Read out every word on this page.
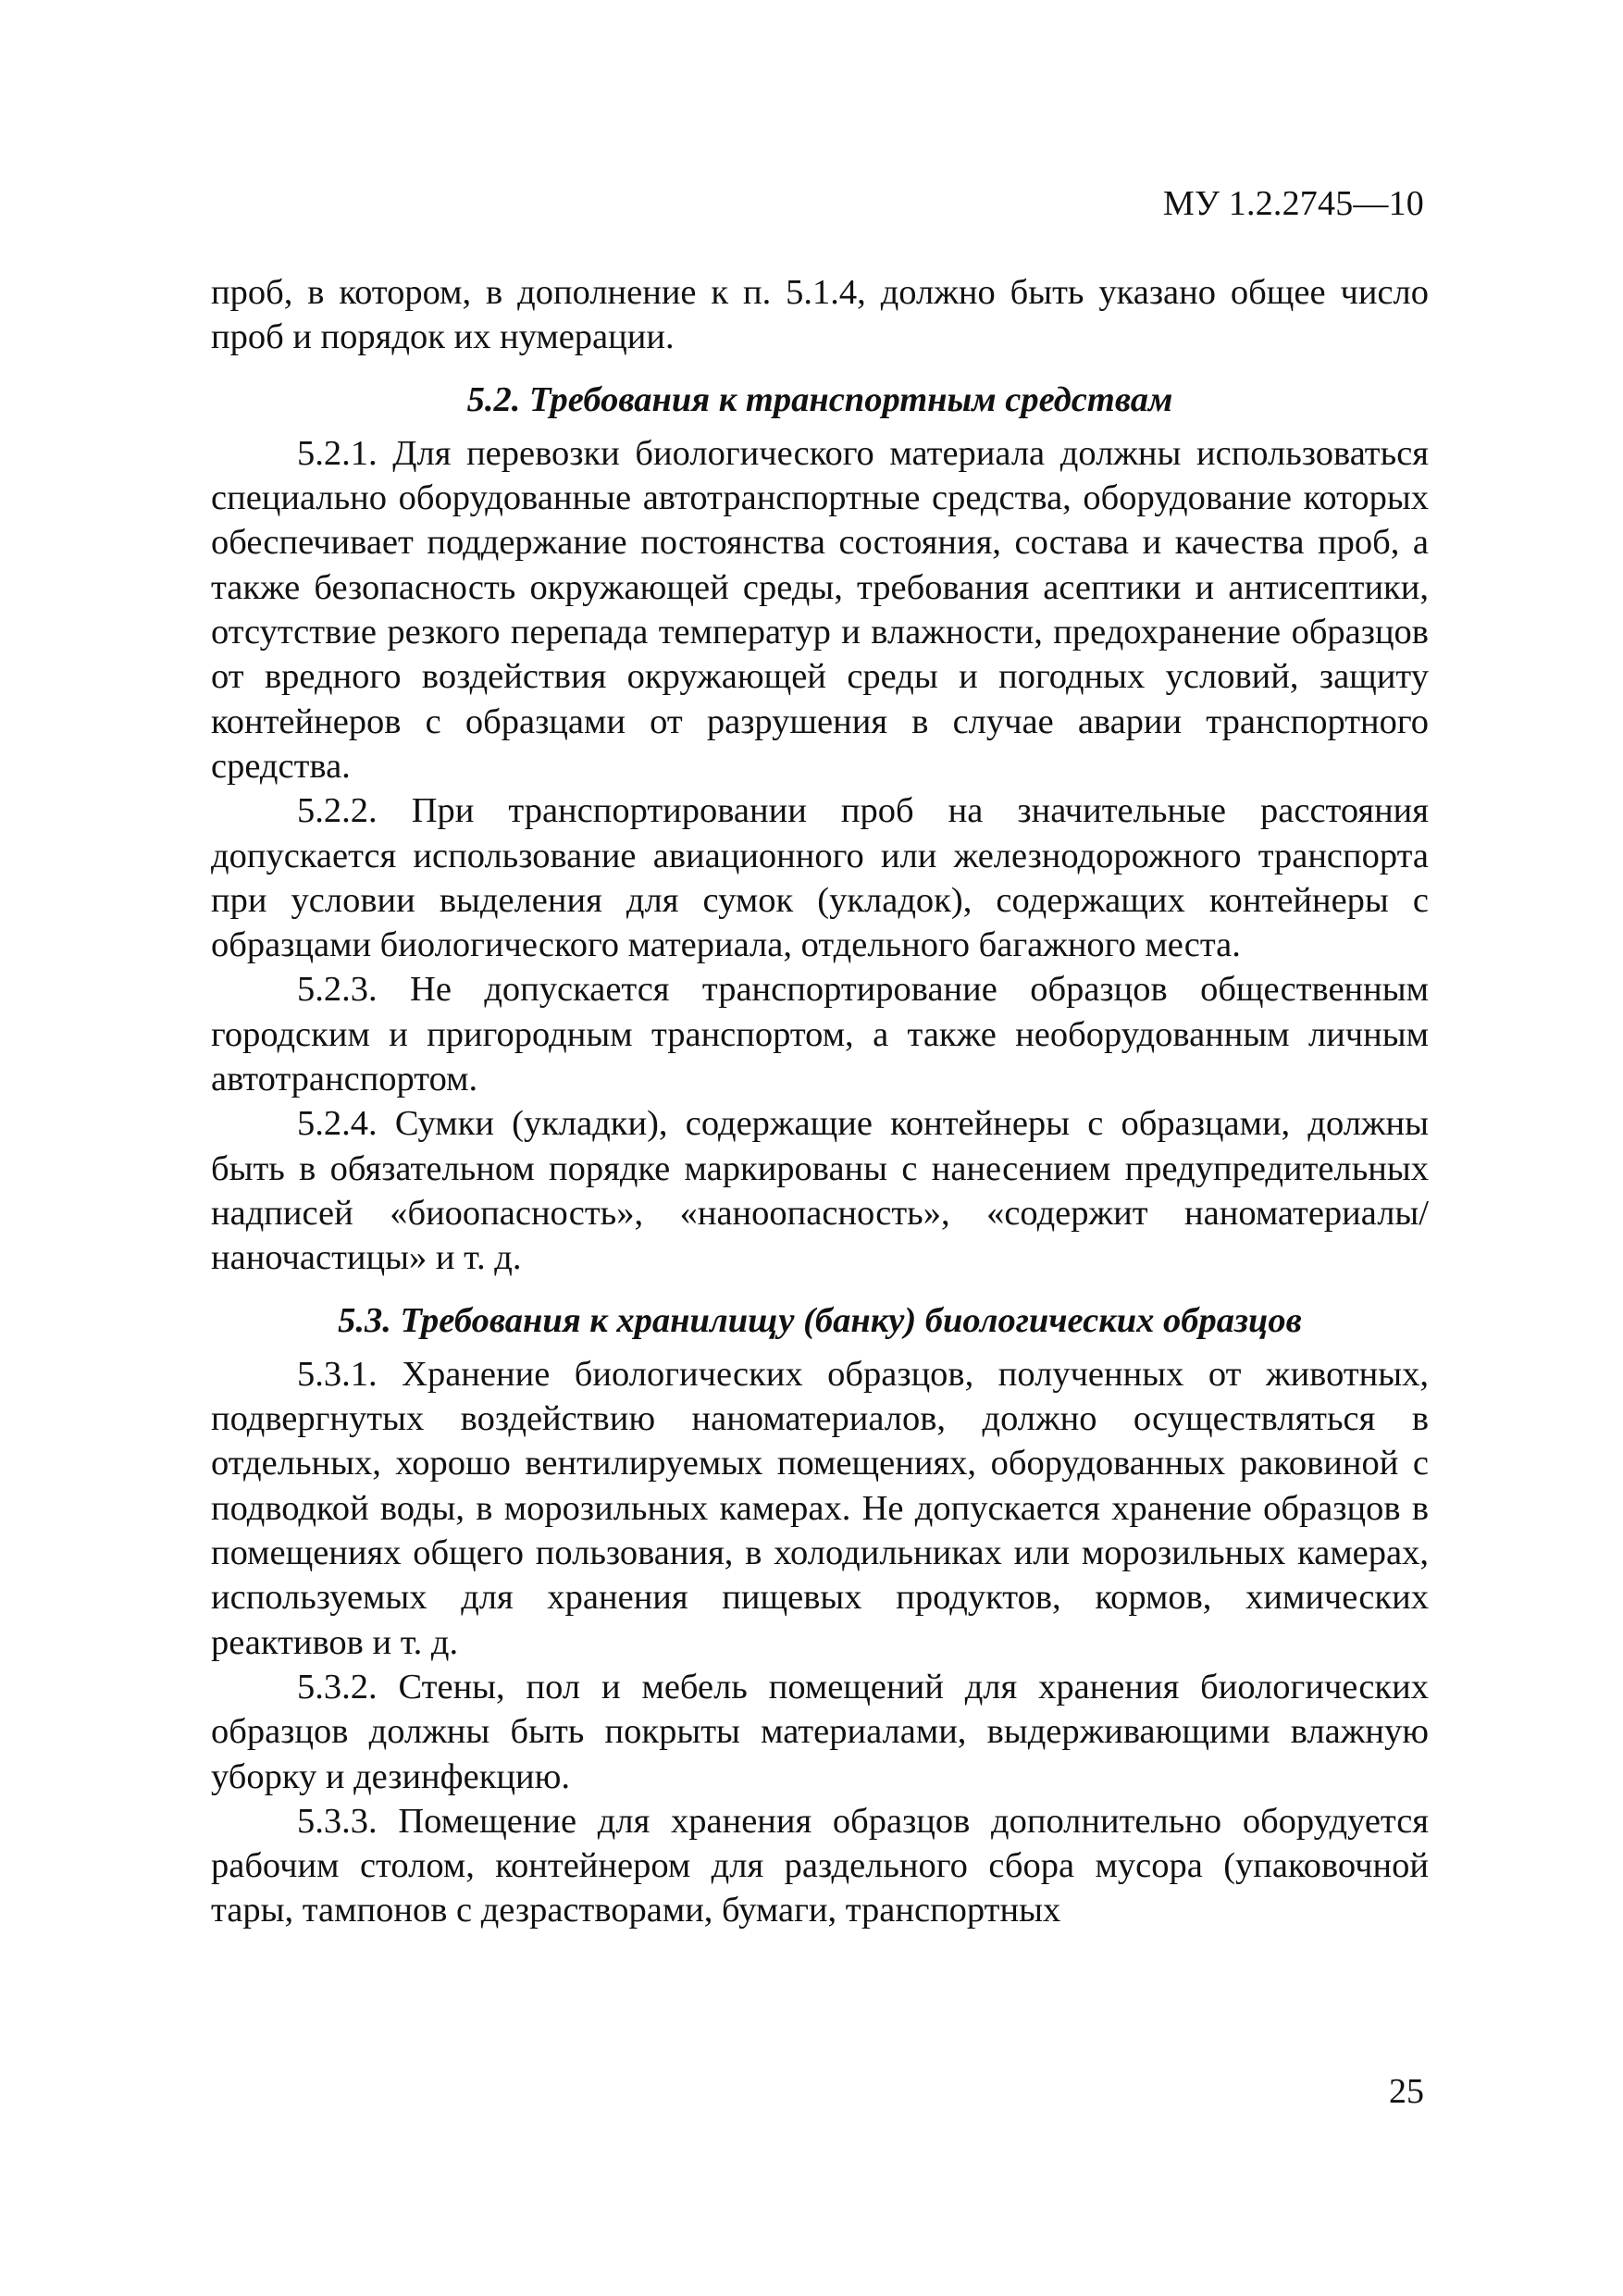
МУ 1.2.2745—10

проб, в котором, в дополнение к п. 5.1.4, должно быть указано общее число проб и порядок их нумерации.

5.2. Требования к транспортным средствам

5.2.1. Для перевозки биологического материала должны использоваться специально оборудованные автотранспортные средства, оборудование которых обеспечивает поддержание постоянства состояния, состава и качества проб, а также безопасность окружающей среды, требования асептики и антисептики, отсутствие резкого перепада температур и влажности, предохранение образцов от вредного воздействия окружающей среды и погодных условий, защиту контейнеров с образцами от разрушения в случае аварии транспортного средства.

5.2.2. При транспортировании проб на значительные расстояния допускается использование авиационного или железнодорожного транспорта при условии выделения для сумок (укладок), содержащих контейнеры с образцами биологического материала, отдельного багажного места.

5.2.3. Не допускается транспортирование образцов общественным городским и пригородным транспортом, а также необорудованным личным автотранспортом.

5.2.4. Сумки (укладки), содержащие контейнеры с образцами, должны быть в обязательном порядке маркированы с нанесением предупредительных надписей «биоопасность», «наноопасность», «содержит наноматериалы/наночастицы» и т. д.

5.3. Требования к хранилищу (банку) биологических образцов

5.3.1. Хранение биологических образцов, полученных от животных, подвергнутых воздействию наноматериалов, должно осуществляться в отдельных, хорошо вентилируемых помещениях, оборудованных раковиной с подводкой воды, в морозильных камерах. Не допускается хранение образцов в помещениях общего пользования, в холодильниках или морозильных камерах, используемых для хранения пищевых продуктов, кормов, химических реактивов и т. д.

5.3.2. Стены, пол и мебель помещений для хранения биологических образцов должны быть покрыты материалами, выдерживающими влажную уборку и дезинфекцию.

5.3.3. Помещение для хранения образцов дополнительно оборудуется рабочим столом, контейнером для раздельного сбора мусора (упаковочной тары, тампонов с дезрастворами, бумаги, транспортных

25
